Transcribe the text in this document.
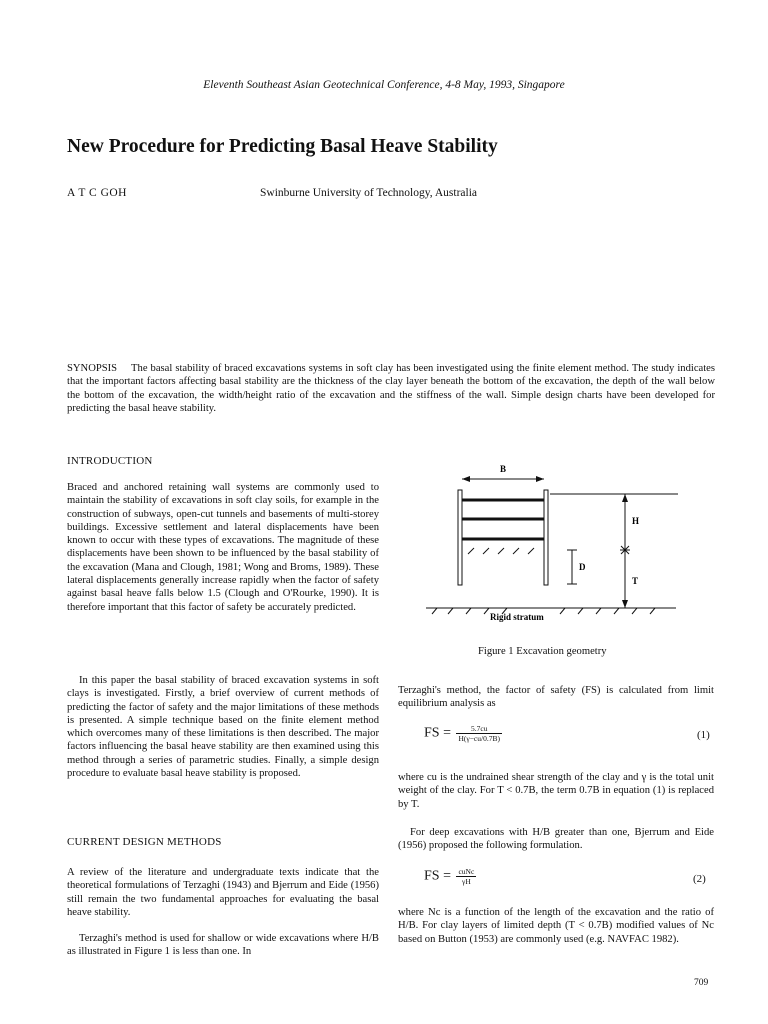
Eleventh Southeast Asian Geotechnical Conference, 4-8 May, 1993, Singapore
New Procedure for Predicting Basal Heave Stability
A T C GOH	Swinburne University of Technology, Australia
SYNOPSIS The basal stability of braced excavations systems in soft clay has been investigated using the finite element method. The study indicates that the important factors affecting basal stability are the thickness of the clay layer beneath the bottom of the excavation, the depth of the wall below the bottom of the excavation, the width/height ratio of the excavation and the stiffness of the wall. Simple design charts have been developed for predicting the basal heave stability.
INTRODUCTION

Braced and anchored retaining wall systems are commonly used to maintain the stability of excavations in soft clay soils, for example in the construction of subways, open-cut tunnels and basements of multi-storey buildings. Excessive settlement and lateral displacements have been known to occur with these types of excavations. The magnitude of these displacements have been shown to be influenced by the basal stability of the excavation (Mana and Clough, 1981; Wong and Broms, 1989). These lateral displacements generally increase rapidly when the factor of safety against basal heave falls below 1.5 (Clough and O'Rourke, 1990). It is therefore important that this factor of safety be accurately predicted.

In this paper the basal stability of braced excavation systems in soft clays is investigated. Firstly, a brief overview of current methods of predicting the factor of safety and the major limitations of these methods is presented. A simple technique based on the finite element method which overcomes many of these limitations is then described. The major factors influencing the basal heave stability are then examined using this method through a series of parametric studies. Finally, a simple design procedure to evaluate basal heave stability is proposed.

CURRENT DESIGN METHODS

A review of the literature and undergraduate texts indicate that the theoretical formulations of Terzaghi (1943) and Bjerrum and Eide (1956) still remain the two fundamental approaches for evaluating the basal heave stability.

Terzaghi's method is used for shallow or wide excavations where H/B as illustrated in Figure 1 is less than one. In

B
D
H
T
Rigid stratum
Figure 1 Excavation geometry

Terzaghi's method, the factor of safety (FS) is calculated from limit equilibrium analysis as

FS = $\frac{5.7cu}{H(\gamma-cu/0.7B)}$	(1)

where cu is the undrained shear strength of the clay and γ is the total unit weight of the clay. For T < 0.7B, the term 0.7B in equation (1) is replaced by T.

For deep excavations with H/B greater than one, Bjerrum and Eide (1956) proposed the following formulation.

FS = $\frac{\text{cuNc}}{\gamma H}$	(2)

where Nc is a function of the length of the excavation and the ratio of H/B. For clay layers of limited depth (T < 0.7B) modified values of Nc based on Button (1953) are commonly used (e.g. NAVFAC 1982).

709
